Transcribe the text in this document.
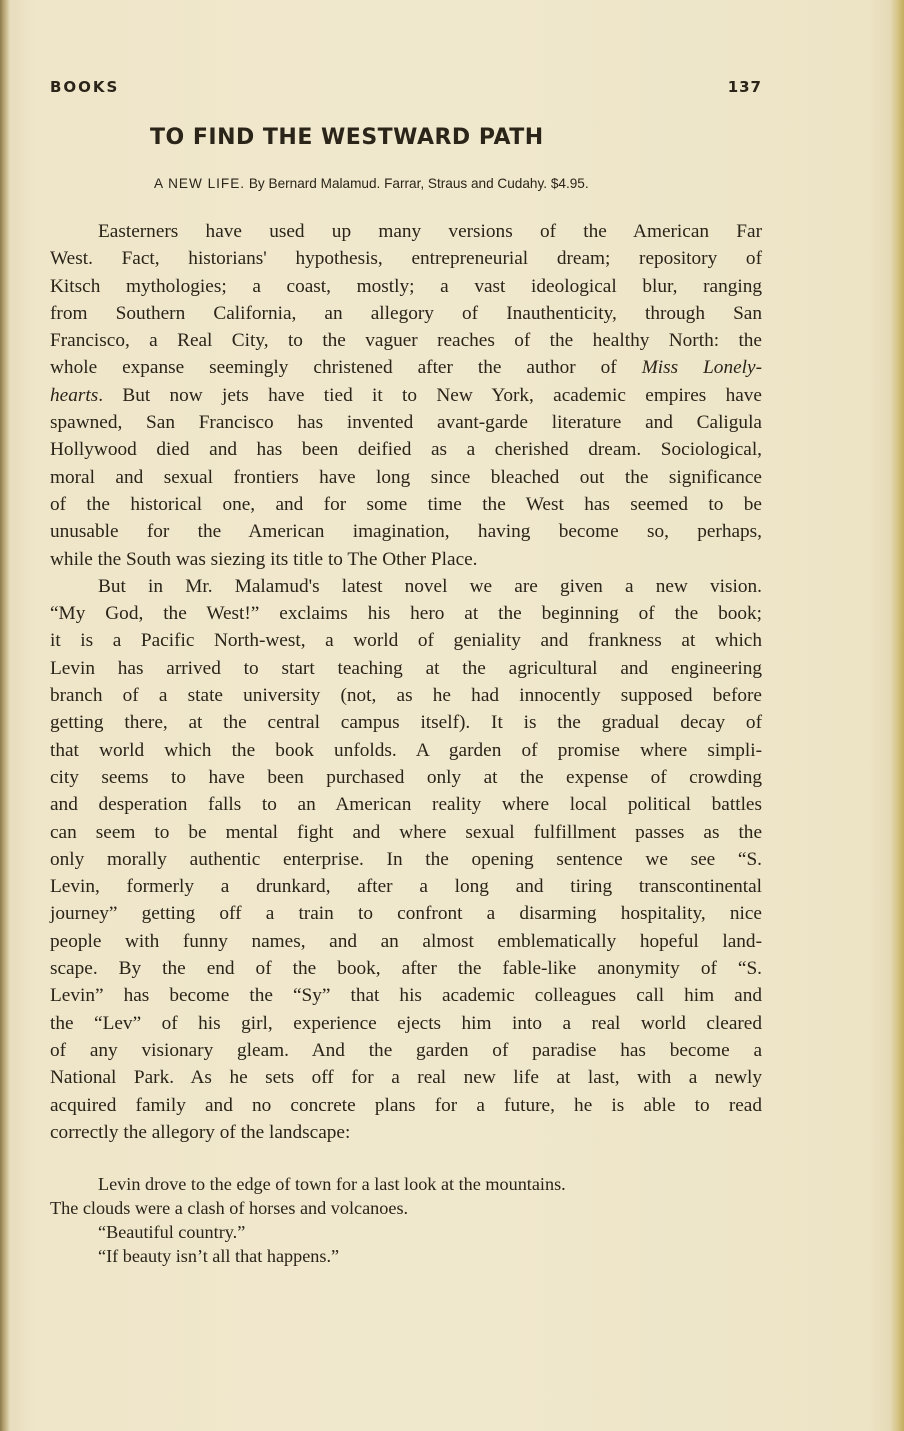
BOOKS	137
TO FIND THE WESTWARD PATH
A NEW LIFE. By Bernard Malamud. Farrar, Straus and Cudahy. $4.95.
Easterners have used up many versions of the American Far
West. Fact, historians' hypothesis, entrepreneurial dream; repository of
Kitsch mythologies; a coast, mostly; a vast ideological blur, ranging
from Southern California, an allegory of Inauthenticity, through San
Francisco, a Real City, to the vaguer reaches of the healthy North: the
whole expanse seemingly christened after the author of Miss Lonely-
hearts. But now jets have tied it to New York, academic empires have
spawned, San Francisco has invented avant-garde literature and Caligula
Hollywood died and has been deified as a cherished dream. Sociological,
moral and sexual frontiers have long since bleached out the significance
of the historical one, and for some time the West has seemed to be
unusable for the American imagination, having become so, perhaps,
while the South was siezing its title to The Other Place.
But in Mr. Malamud's latest novel we are given a new vision.
“My God, the West!” exclaims his hero at the beginning of the book;
it is a Pacific North-west, a world of geniality and frankness at which
Levin has arrived to start teaching at the agricultural and engineering
branch of a state university (not, as he had innocently supposed before
getting there, at the central campus itself). It is the gradual decay of
that world which the book unfolds. A garden of promise where simpli-
city seems to have been purchased only at the expense of crowding
and desperation falls to an American reality where local political battles
can seem to be mental fight and where sexual fulfillment passes as the
only morally authentic enterprise. In the opening sentence we see “S.
Levin, formerly a drunkard, after a long and tiring transcontinental
journey” getting off a train to confront a disarming hospitality, nice
people with funny names, and an almost emblematically hopeful land-
scape. By the end of the book, after the fable-like anonymity of “S.
Levin” has become the “Sy” that his academic colleagues call him and
the “Lev” of his girl, experience ejects him into a real world cleared
of any visionary gleam. And the garden of paradise has become a
National Park. As he sets off for a real new life at last, with a newly
acquired family and no concrete plans for a future, he is able to read
correctly the allegory of the landscape:
Levin drove to the edge of town for a last look at the mountains.
The clouds were a clash of horses and volcanoes.
“Beautiful country.”
“If beauty isn’t all that happens.”
